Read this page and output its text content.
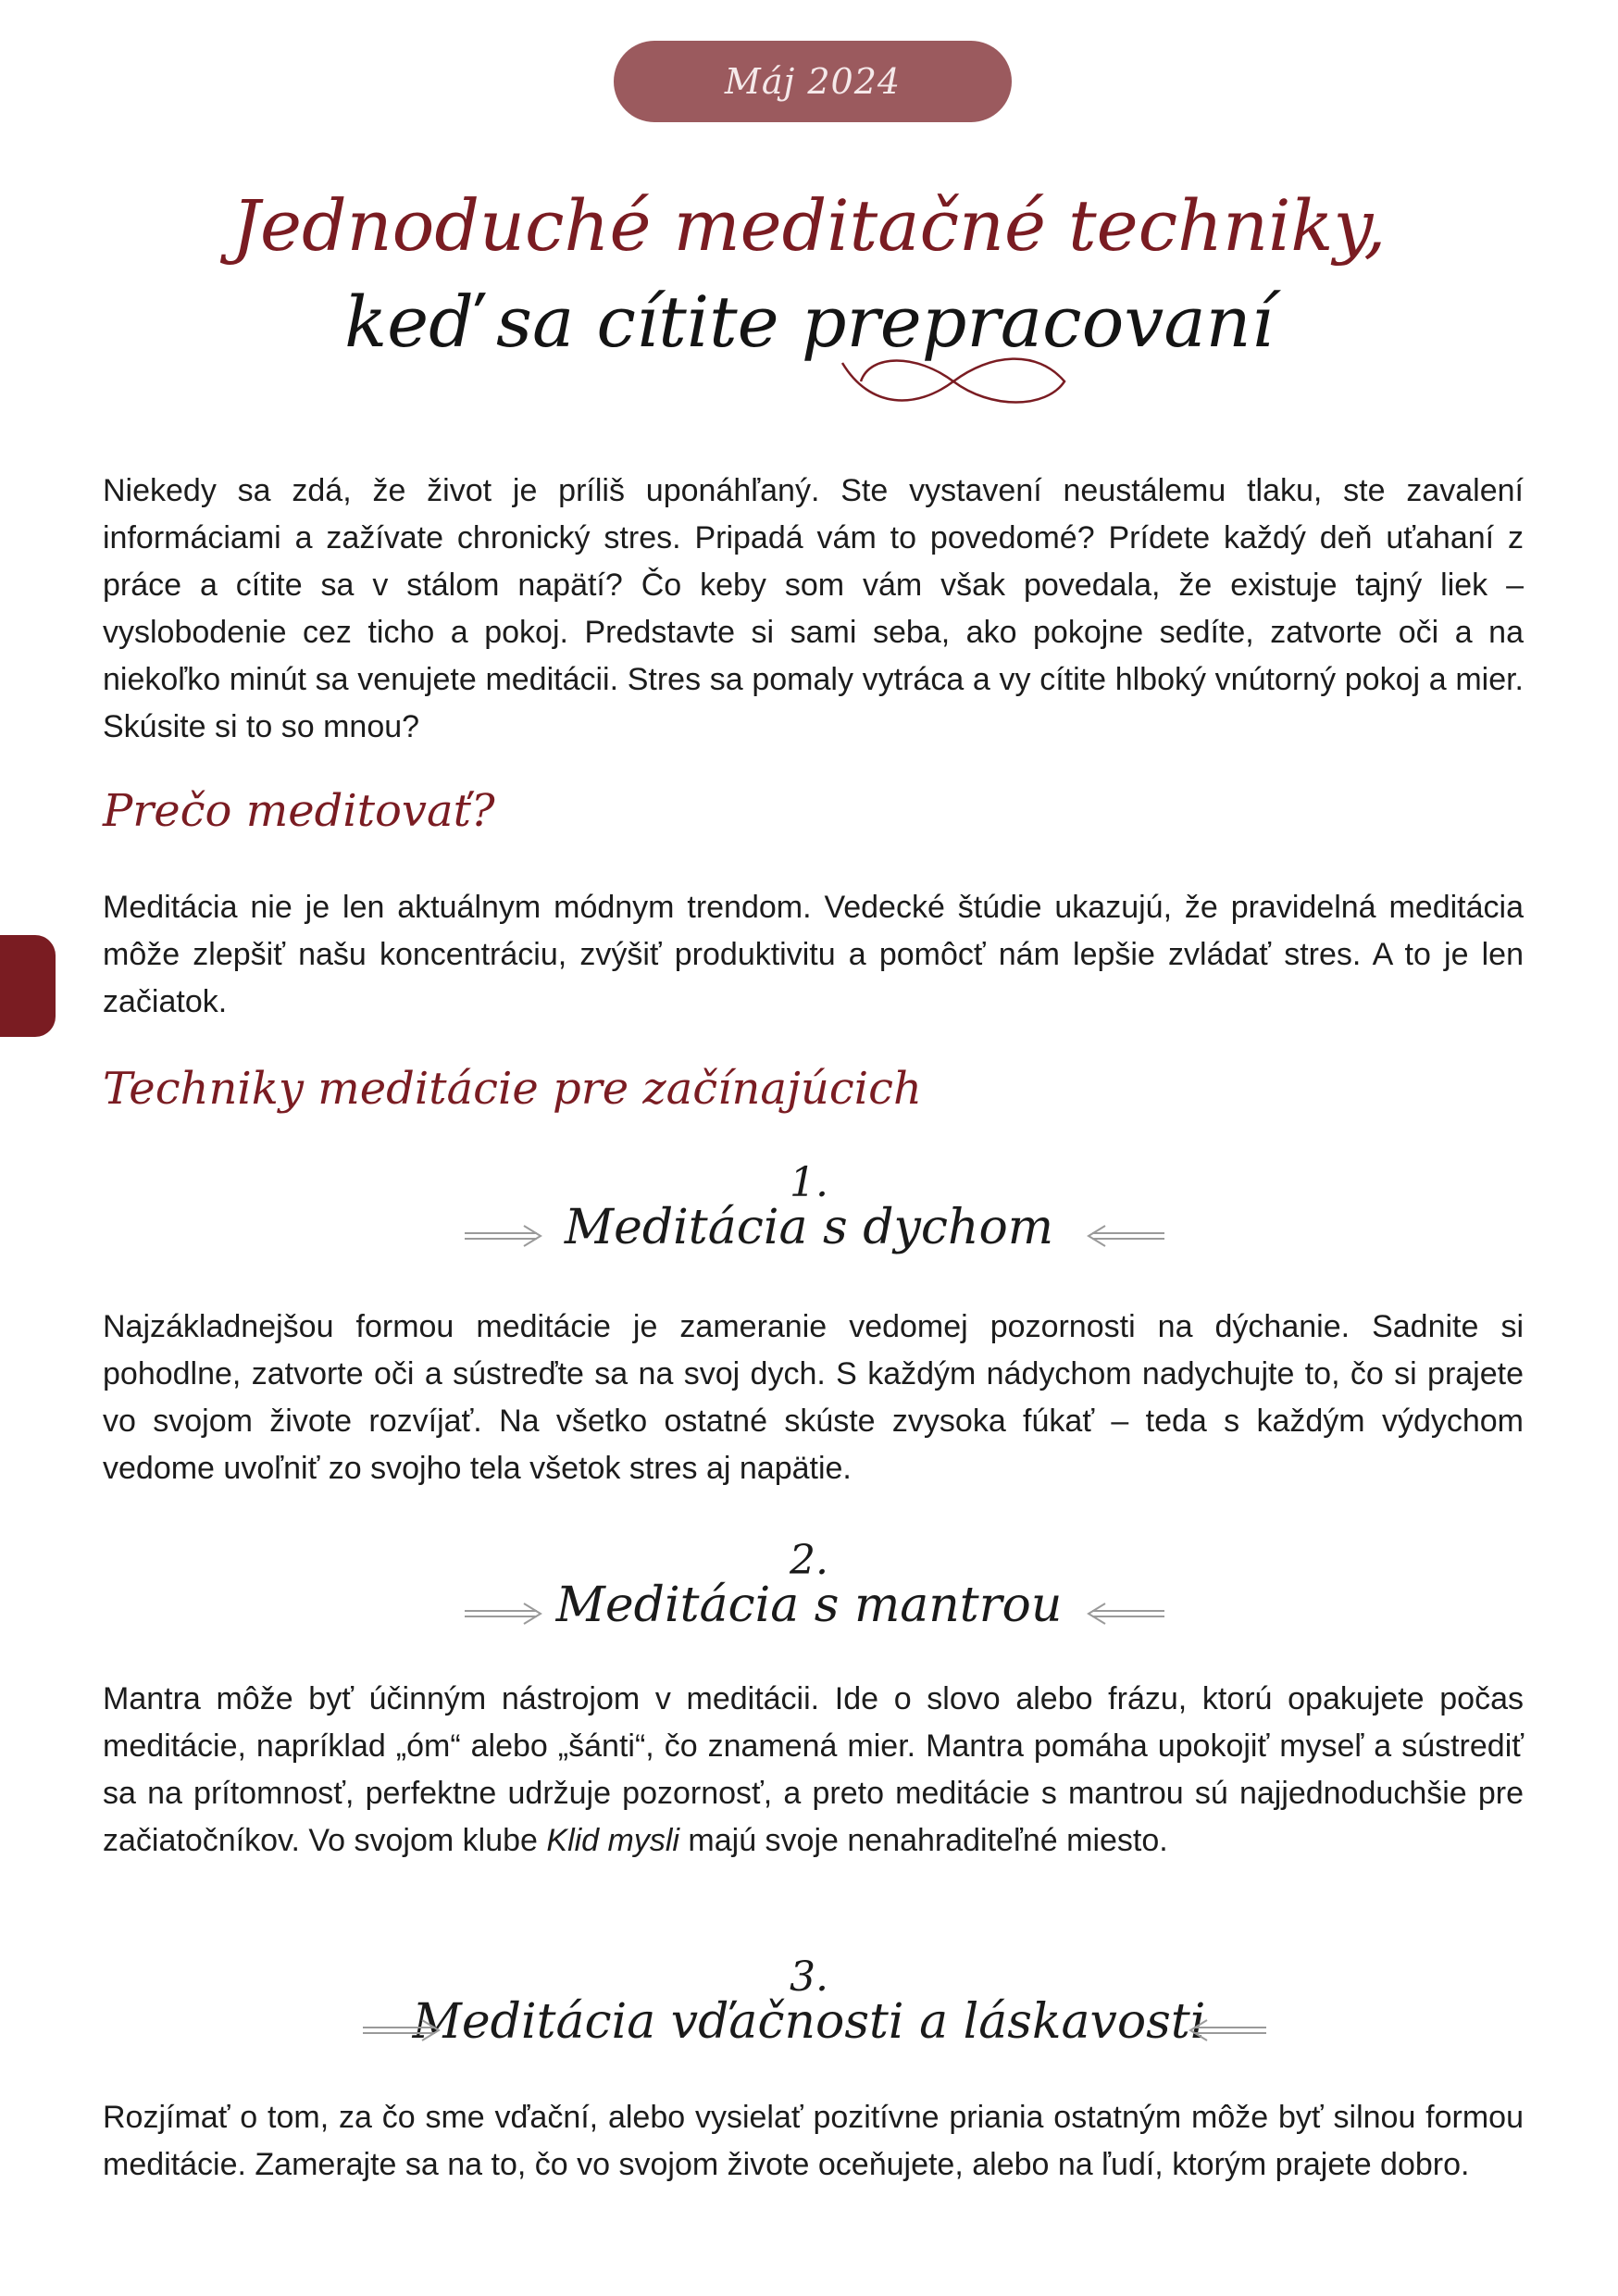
Máj 2024
Jednoduché meditačné techniky,
keď sa cítite prepracovaní

Niekedy sa zdá, že život je príliš uponáhľaný. Ste vystavení neustálemu tlaku, ste zavalení informáciami a zažívate chronický stres. Pripadá vám to povedomé? Prídete každý deň uťahaní z práce a cítite sa v stálom napätí? Čo keby som vám však povedala, že existuje tajný liek – vyslobodenie cez ticho a pokoj. Predstavte si sami seba, ako pokojne sedíte, zatvorte oči a na niekoľko minút sa venujete meditácii. Stres sa pomaly vytráca a vy cítite hlboký vnútorný pokoj a mier. Skúsite si to so mnou?

Prečo meditovať?

Meditácia nie je len aktuálnym módnym trendom. Vedecké štúdie ukazujú, že pravidelná meditácia môže zlepšiť našu koncentráciu, zvýšiť produktivitu a pomôcť nám lepšie zvládať stres. A to je len začiatok.

Techniky meditácie pre začínajúcich
1.
Meditácia s dychom

Najzákladnejšou formou meditácie je zameranie vedomej pozornosti na dýchanie. Sadnite si pohodlne, zatvorte oči a sústreďte sa na svoj dych. S každým nádychom nadychujte to, čo si prajete vo svojom živote rozvíjať. Na všetko ostatné skúste zvysoka fúkať – teda s každým výdychom vedome uvoľniť zo svojho tela všetok stres aj napätie.

2.
Meditácia s mantrou

Mantra môže byť účinným nástrojom v meditácii. Ide o slovo alebo frázu, ktorú opakujete počas meditácie, napríklad „óm“ alebo „šánti“, čo znamená mier. Mantra pomáha upokojiť myseľ a sústrediť sa na prítomnosť, perfektne udržuje pozornosť, a preto meditácie s mantrou sú najjednoduchšie pre začiatočníkov. Vo svojom klube Klid mysli majú svoje nenahraditeľné miesto.

3.
Meditácia vďačnosti a láskavosti

Rozjímať o tom, za čo sme vďační, alebo vysielať pozitívne priania ostatným môže byť silnou formou meditácie. Zamerajte sa na to, čo vo svojom živote oceňujete, alebo na ľudí, ktorým prajete dobro.
